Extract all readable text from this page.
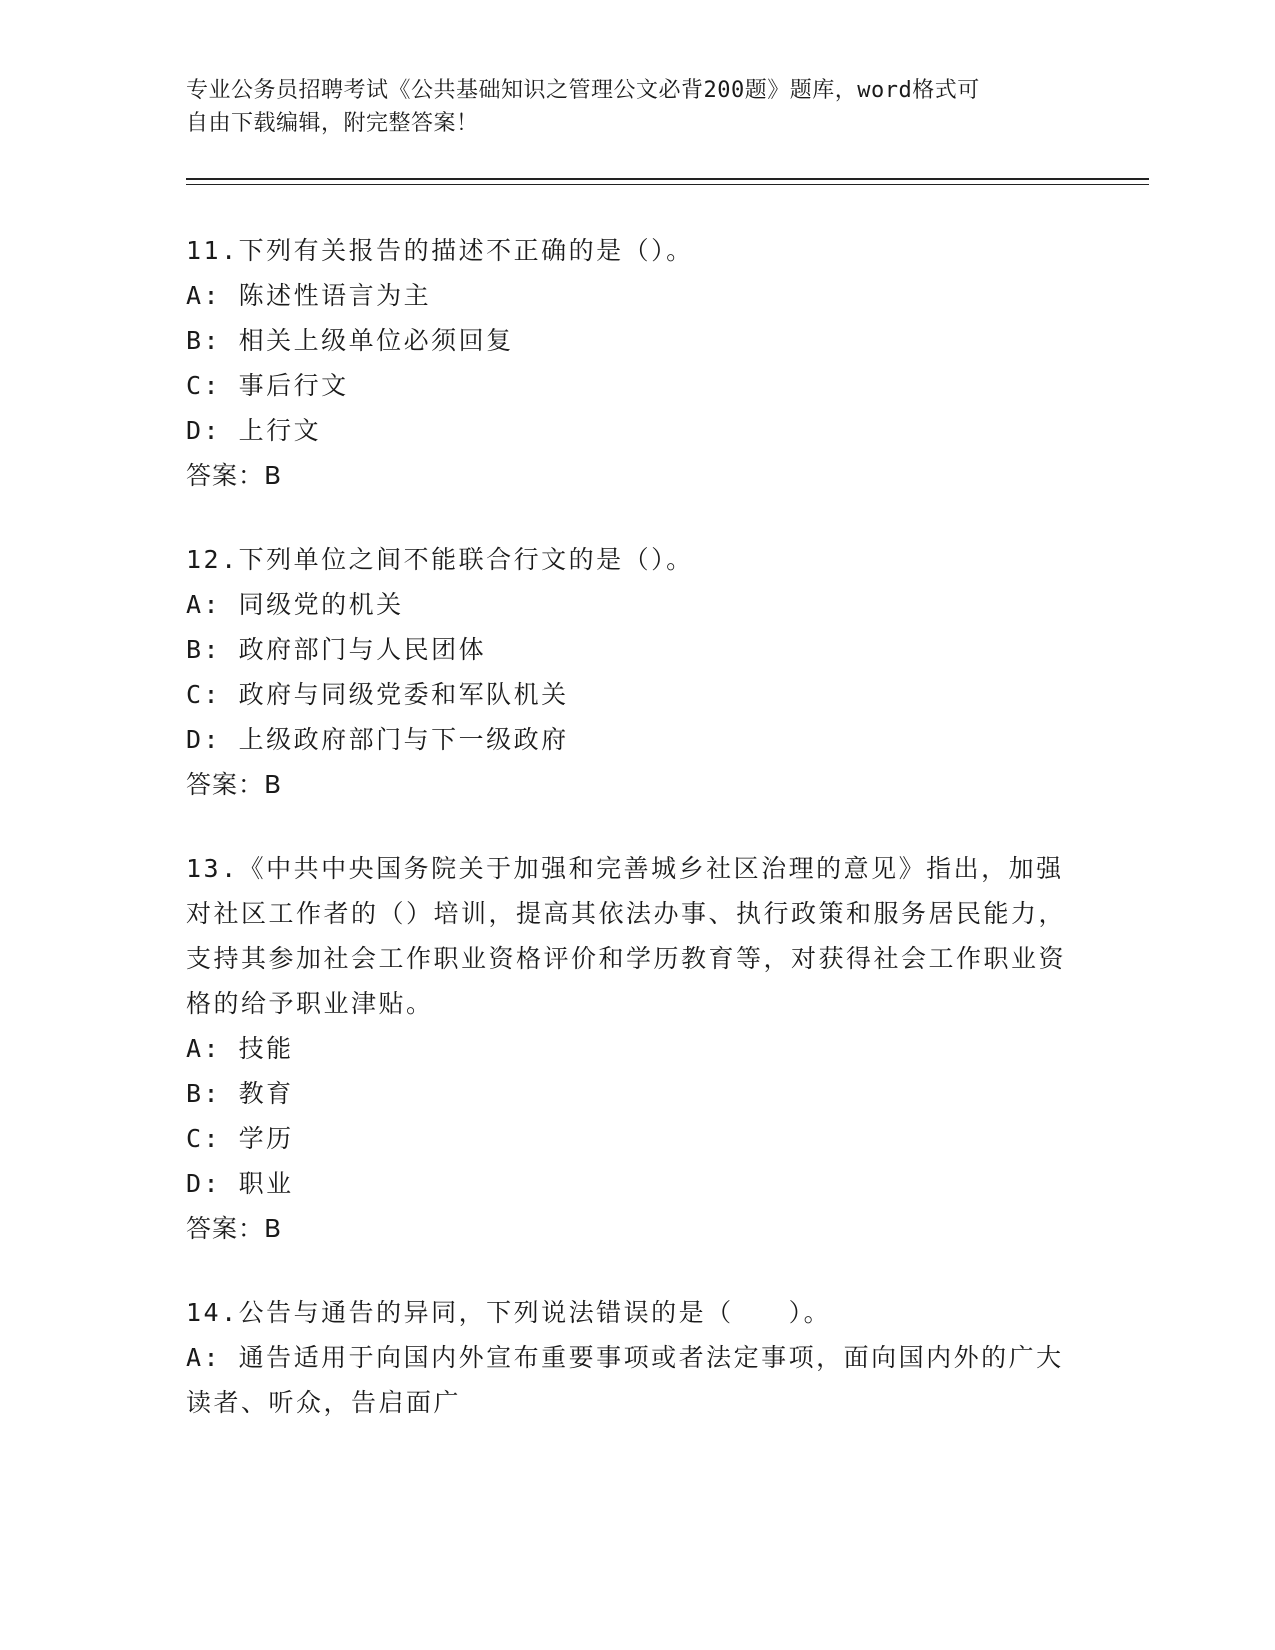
专业公务员招聘考试《公共基础知识之管理公文必背200题》题库，word格式可
自由下载编辑，附完整答案！
11.下列有关报告的描述不正确的是（）。
A: 陈述性语言为主
B: 相关上级单位必须回复
C: 事后行文
D: 上行文
答案：B
12.下列单位之间不能联合行文的是（）。
A: 同级党的机关
B: 政府部门与人民团体
C: 政府与同级党委和军队机关
D: 上级政府部门与下一级政府
答案：B
13.《中共中央国务院关于加强和完善城乡社区治理的意见》指出，加强对社区工作者的（）培训，提高其依法办事、执行政策和服务居民能力，支持其参加社会工作职业资格评价和学历教育等，对获得社会工作职业资格的给予职业津贴。
A: 技能
B: 教育
C: 学历
D: 职业
答案：B
14.公告与通告的异同，下列说法错误的是（　　）。
A: 通告适用于向国内外宣布重要事项或者法定事项，面向国内外的广大读者、听众，告启面广
